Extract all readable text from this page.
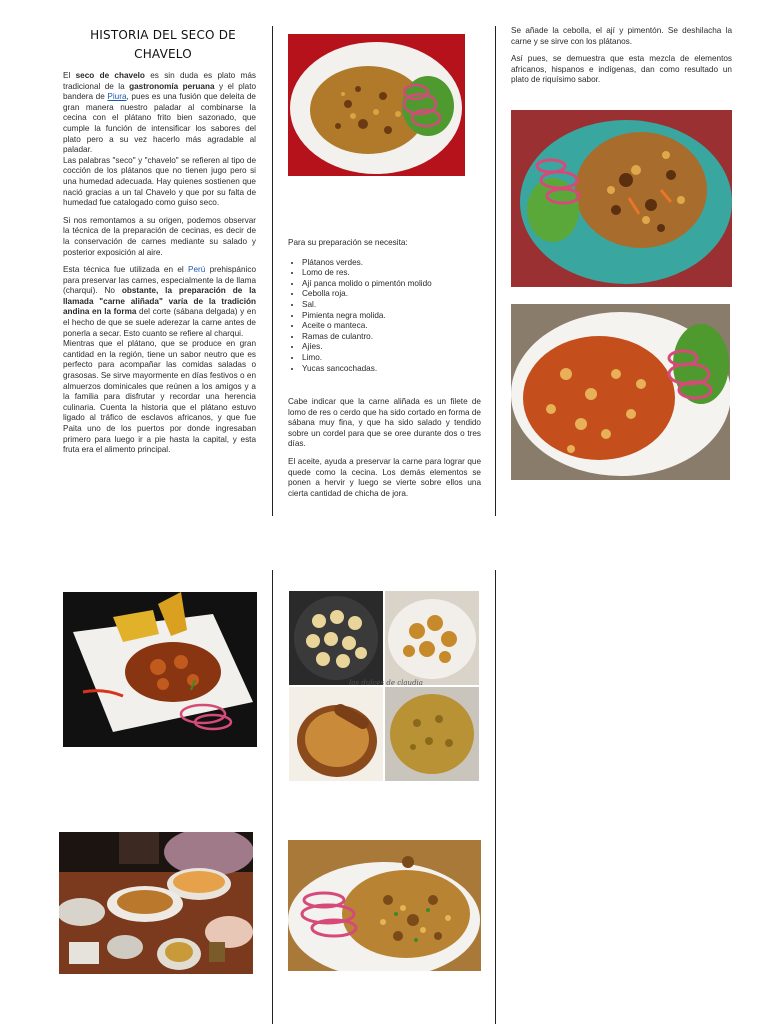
HISTORIA DEL SECO DE
CHAVELO

El seco de chavelo es sin duda es plato más tradicional de la gastronomía peruana y el plato bandera de Piura, pues es una fusión que deleita de gran manera nuestro paladar al combinarse la cecina con el plátano frito bien sazonado, que cumple la función de intensificar los sabores del plato pero a su vez hacerlo más agradable al paladar.

Las palabras "seco" y "chavelo" se refieren al tipo de cocción de los plátanos que no tienen jugo pero si una humedad adecuada. Hay quienes sostienen que nació gracias a un tal Chavelo y que por su falta de humedad fue catalogado como guiso seco.

Si nos remontamos a su origen, podemos observar la técnica de la preparación de cecinas, es decir de la conservación de carnes mediante su salado y posterior exposición al aire.

Esta técnica fue utilizada en el Perú prehispánico para preservar las carnes, especialmente la de llama (charqui). No obstante, la preparación de la llamada "carne aliñada" varía de la tradición andina en la forma del corte (sábana delgada) y en el hecho de que se suele aderezar la carne antes de ponerla a secar. Esto cuanto se refiere al charqui.

Mientras que el plátano, que se produce en gran cantidad en la región, tiene un sabor neutro que es perfecto para acompañar las comidas saladas o grasosas. Se sirve mayormente en días festivos o en almuerzos dominicales que reúnen a los amigos y a la familia para disfrutar y recordar una herencia culinaria. Cuenta la historia que el plátano estuvo ligado al tráfico de esclavos africanos, y que fue Paita uno de los puertos por donde ingresaban primero para luego ir a pie hasta la capital, y esta fruta era el alimento principal.

Para su preparación se necesita:

• Plátanos verdes.
• Lomo de res.
• Ají panca molido o pimentón molido
• Cebolla roja.
• Sal.
• Pimienta negra molida.
• Aceite o manteca.
• Ramas de culantro.
• Ajíes.
• Limo.
• Yucas sancochadas.

Cabe indicar que la carne aliñada es un filete de lomo de res o cerdo que ha sido cortado en forma de sábana muy fina, y que ha sido salado y tendido sobre un cordel para que se oree durante dos o tres días.

El aceite, ayuda a preservar la carne para lograr que quede como la cecina. Los demás elementos se ponen a hervir y luego se vierte sobre ellos una cierta cantidad de chicha de jora.

Se añade la cebolla, el ají y pimentón. Se deshilacha la carne y se sirve con los plátanos.

Así pues, se demuestra que esta mezcla de elementos africanos, hispanos e indígenas, dan como resultado un plato de riquísimo sabor.

los dulces de claudia
